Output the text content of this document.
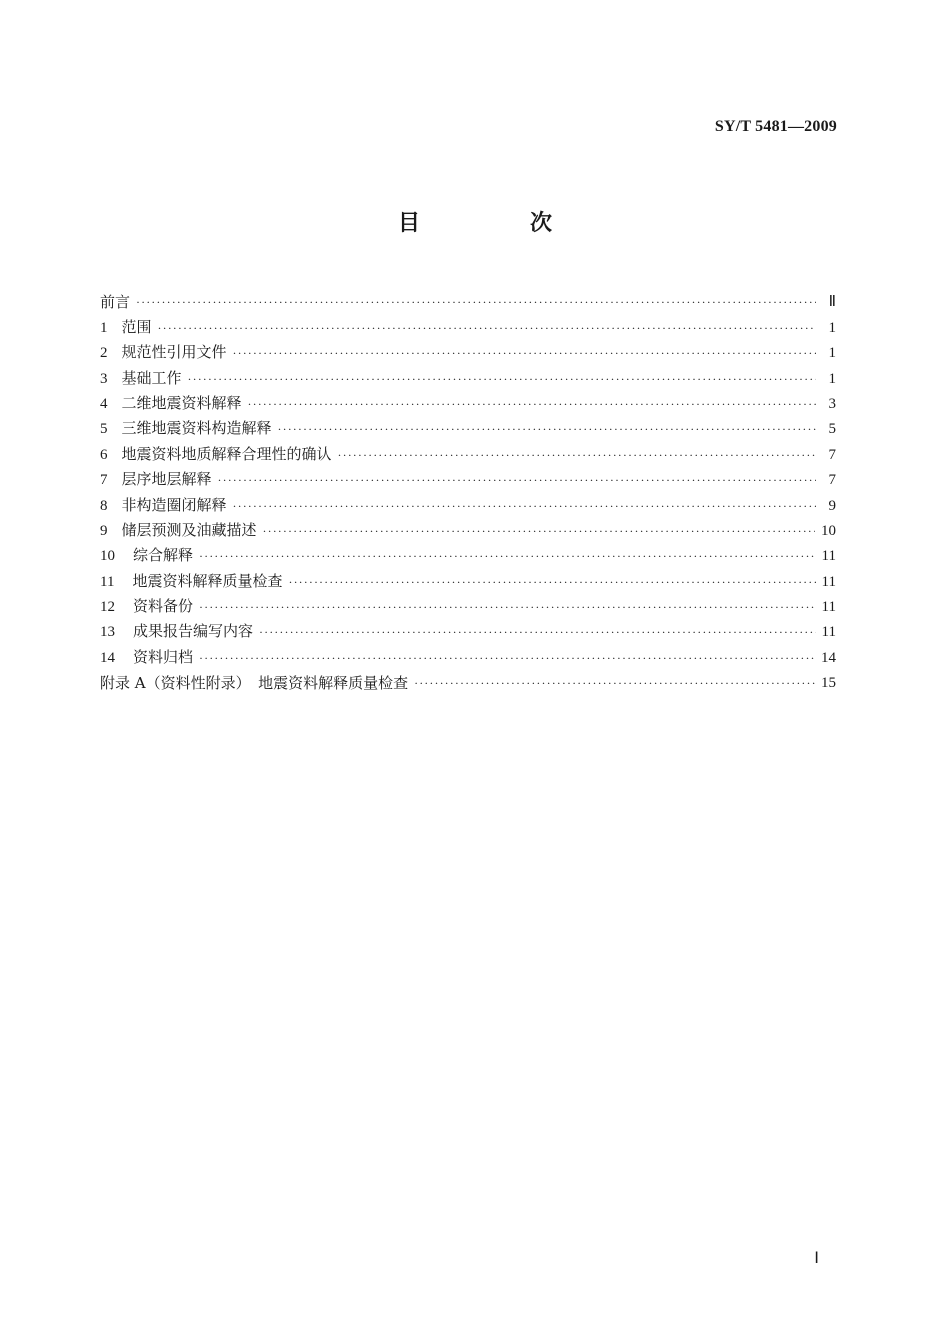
SY/T 5481—2009
目　次
前言 ·····	Ⅱ
1 范围 ·····	1
2 规范性引用文件 ·····	1
3 基础工作 ·····	1
4 二维地震资料解释 ·····	3
5 三维地震资料构造解释 ·····	5
6 地震资料地质解释合理性的确认 ·····	7
7 层序地层解释 ·····	7
8 非构造圈闭解释 ·····	9
9 储层预测及油藏描述 ·····	10
10 综合解释 ·····	11
11 地震资料解释质量检查 ·····	11
12 资料备份 ·····	11
13 成果报告编写内容 ·····	11
14 资料归档 ·····	14
附录 A（资料性附录）　地震资料解释质量检查 ·····	15
Ⅰ
